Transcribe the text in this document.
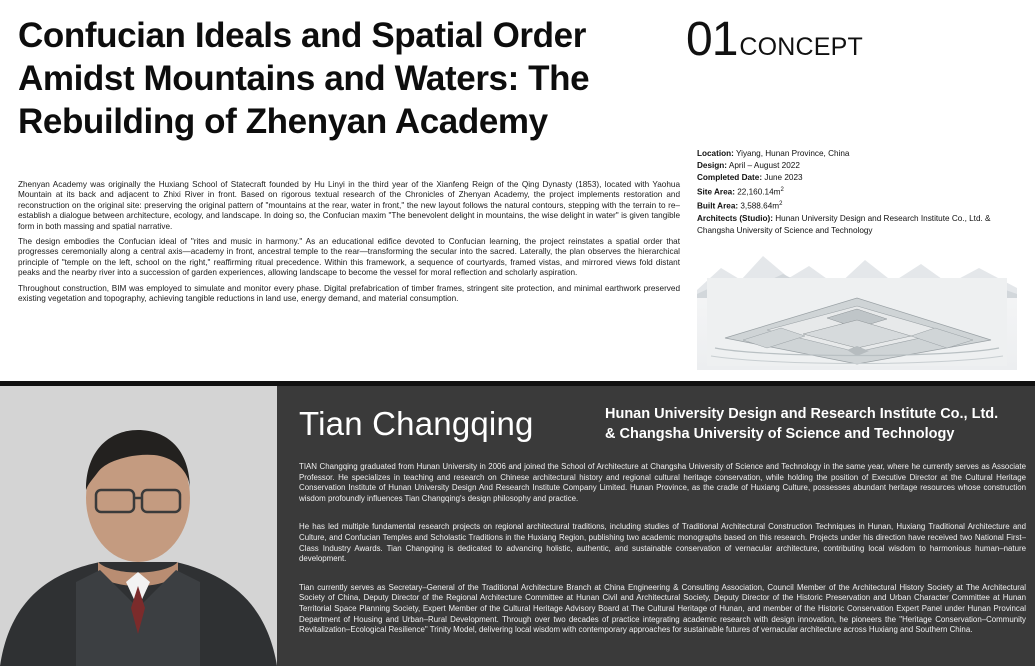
Confucian Ideals and Spatial Order
Amidst Mountains and Waters: The
Rebuilding of Zhenyan Academy
01 CONCEPT

Zhenyan Academy was originally the Huxiang School of Statecraft founded by Hu Linyi in the third year of the Xianfeng Reign of the Qing Dynasty (1853), located with Yaohua Mountain at its back and adjacent to Zhixi River in front. Based on rigorous textual research of the Chronicles of Zhenyan Academy, the project implements restoration and reconstruction on the original site: preserving the original pattern of "mountains at the rear, water in front," the new layout follows the natural contours, stepping with the terrain to re–establish a dialogue between architecture, ecology, and landscape. In doing so, the Confucian maxim "The benevolent delight in mountains, the wise delight in water" is given tangible form in both massing and spatial narrative.

The design embodies the Confucian ideal of "rites and music in harmony." As an educational edifice devoted to Confucian learning, the project reinstates a spatial order that progresses ceremonially along a central axis—academy in front, ancestral temple to the rear—transforming the secular into the sacred. Laterally, the plan observes the hierarchical principle of "temple on the left, school on the right," reaffirming ritual precedence. Within this framework, a sequence of courtyards, framed vistas, and mirrored views fold distant peaks and the nearby river into a succession of garden experiences, allowing landscape to become the vessel for moral reflection and scholarly aspiration.

Throughout construction, BIM was employed to simulate and monitor every phase. Digital prefabrication of timber frames, stringent site protection, and minimal earthwork preserved existing vegetation and topography, achieving tangible reductions in land use, energy demand, and material consumption.

Location: Yiyang, Hunan Province, China
Design: April – August 2022
Completed Date: June 2023
Site Area: $22,160.14m^2$
Built Area: $3,588.64m^2$
Architects (Studio): Hunan University Design and Research Institute Co., Ltd. & Changsha University of Science and Technology
Tian Changqing	Hunan University Design and Research Institute Co., Ltd.
& Changsha University of Science and Technology

TIAN Changqing graduated from Hunan University in 2006 and joined the School of Architecture at Changsha University of Science and Technology in the same year, where he currently serves as Associate Professor. He specializes in teaching and research on Chinese architectural history and regional cultural heritage conservation, while holding the position of Executive Director at the Cultural Heritage Conservation Institute of Hunan University Design And Research Institute Company Limited. Hunan Province, as the cradle of Huxiang Culture, possesses abundant heritage resources whose construction wisdom profoundly influences Tian Changqing's design philosophy and practice.

He has led multiple fundamental research projects on regional architectural traditions, including studies of Traditional Architectural Construction Techniques in Hunan, Huxiang Traditional Architecture and Culture, and Confucian Temples and Scholastic Traditions in the Huxiang Region, publishing two academic monographs based on this research. Projects under his direction have received two National First–Class Industry Awards. Tian Changqing is dedicated to advancing holistic, authentic, and sustainable conservation of vernacular architecture, contributing local wisdom to harmonious human–nature development.

Tian currently serves as Secretary–General of the Traditional Architecture Branch at China Engineering & Consulting Association, Council Member of the Architectural History Society at The Architectural Society of China, Deputy Director of the Regional Architecture Committee at Hunan Civil and Architectural Society, Deputy Director of the Historic Preservation and Urban Character Committee at Hunan Territorial Space Planning Society, Expert Member of the Cultural Heritage Advisory Board at The Cultural Heritage of Hunan, and member of the Historic Conservation Expert Panel under Hunan Provincal Department of Housing and Urban–Rural Development. Through over two decades of practice integrating academic research with design innovation, he pioneers the "Heritage Conservation–Community Revitalization–Ecological Resilience" Trinity Model, delivering local wisdom with contemporary approaches for sustainable futures of vernacular architecture across Huxiang and Southern China.
